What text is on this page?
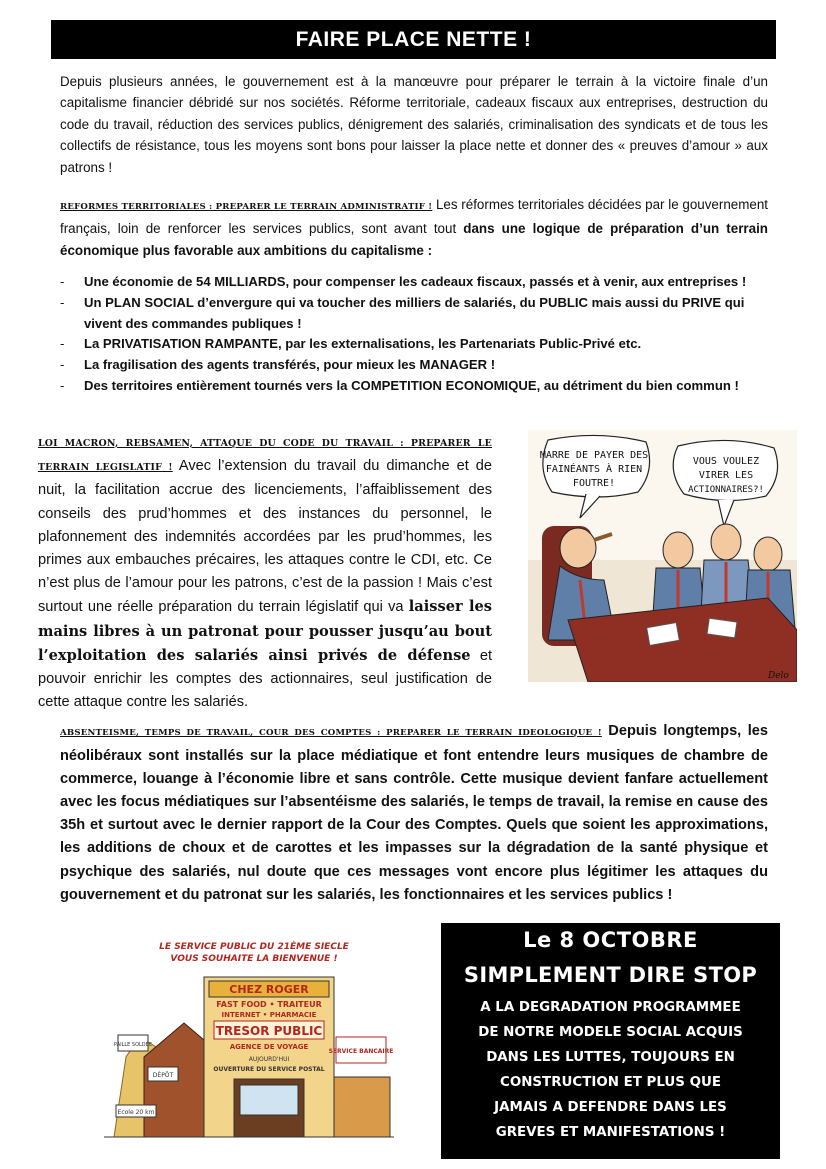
FAIRE PLACE NETTE !

Depuis plusieurs années, le gouvernement est à la manœuvre pour préparer le terrain à la victoire finale d’un capitalisme financier débridé sur nos sociétés. Réforme territoriale, cadeaux fiscaux aux entreprises, destruction du code du travail, réduction des services publics, dénigrement des salariés, criminalisation des syndicats et de tous les collectifs de résistance, tous les moyens sont bons pour laisser la place nette et donner des « preuves d’amour » aux patrons !

REFORMES TERRITORIALES : PREPARER LE TERRAIN ADMINISTRATIF ! Les réformes territoriales décidées par le gouvernement français, loin de renforcer les services publics, sont avant tout dans une logique de préparation d’un terrain économique plus favorable aux ambitions du capitalisme :

- Une économie de 54 MILLIARDS, pour compenser les cadeaux fiscaux, passés et à venir, aux entreprises !
- Un PLAN SOCIAL d’envergure qui va toucher des milliers de salariés, du PUBLIC mais aussi du PRIVE qui vivent des commandes publiques !
- La PRIVATISATION RAMPANTE, par les externalisations, les Partenariats Public-Privé etc.
- La fragilisation des agents transférés, pour mieux les MANAGER !
- Des territoires entièrement tournés vers la COMPETITION ECONOMIQUE, au détriment du bien commun !

LOI MACRON, REBSAMEN, ATTAQUE DU CODE DU TRAVAIL : PREPARER LE TERRAIN LEGISLATIF ! Avec l’extension du travail du dimanche et de nuit, la facilitation accrue des licenciements, l’affaiblissement des conseils des prud’hommes et des instances du personnel, le plafonnement des indemnités accordées par les prud’hommes, les primes aux embauches précaires, les attaques contre le CDI, etc. Ce n’est plus de l’amour pour les patrons, c’est de la passion ! Mais c’est surtout une réelle préparation du terrain législatif qui va laisser les mains libres à un patronat pour pousser jusqu’au bout l’exploitation des salariés ainsi privés de défense et pouvoir enrichir les comptes des actionnaires, seul justification de cette attaque contre les salariés.

MARRE DE PAYER DES
FAINÉANTS À RIEN
FOUTRE!
VOUS VOULEZ
VIRER LES
ACTIONNAIRES?!
Delo

ABSENTEISME, TEMPS DE TRAVAIL, COUR DES COMPTES : PREPARER LE TERRAIN IDEOLOGIQUE ! Depuis longtemps, les néolibéraux sont installés sur la place médiatique et font entendre leurs musiques de chambre de commerce, louange à l’économie libre et sans contrôle. Cette musique devient fanfare actuellement avec les focus médiatiques sur l’absentéisme des salariés, le temps de travail, la remise en cause des 35h et surtout avec le dernier rapport de la Cour des Comptes. Quels que soient les approximations, les additions de choux et de carottes et les impasses sur la dégradation de la santé physique et psychique des salariés, nul doute que ces messages vont encore plus légitimer les attaques du gouvernement et du patronat sur les salariés, les fonctionnaires et les services publics !

LE SERVICE PUBLIC DU 21ÈME SIECLE
VOUS SOUHAITE LA BIENVENUE !
CHEZ ROGER
FAST FOOD • TRAITEUR
INTERNET • PHARMACIE
TRESOR PUBLIC
AGENCE DE VOYAGE
AUJOURD'HUI
OUVERTURE DU SERVICE POSTAL
SERVICE BANCAIRE
PAILLE SOLDÉE
DÉPÔT
Ecole 20 km
Le 8 OCTOBRE
SIMPLEMENT DIRE STOP
A LA DEGRADATION PROGRAMMEE
DE NOTRE MODELE SOCIAL ACQUIS
DANS LES LUTTES, TOUJOURS EN
CONSTRUCTION ET PLUS QUE
JAMAIS A DEFENDRE DANS LES
GREVES ET MANIFESTATIONS !
